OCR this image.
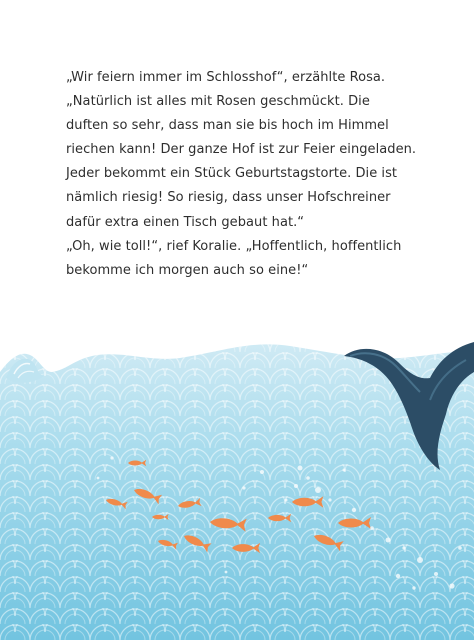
„Wir feiern immer im Schlosshof“, erzählte Rosa.

„Natürlich ist alles mit Rosen geschmückt. Die

duften so sehr, dass man sie bis hoch im Himmel

riechen kann! Der ganze Hof ist zur Feier eingeladen.

Jeder bekommt ein Stück Geburtstagstorte. Die ist

nämlich riesig! So riesig, dass unser Hofschreiner

dafür extra einen Tisch gebaut hat.“

„Oh, wie toll!“, rief Koralie. „Hoffentlich, hoffentlich

bekomme ich morgen auch so eine!“
